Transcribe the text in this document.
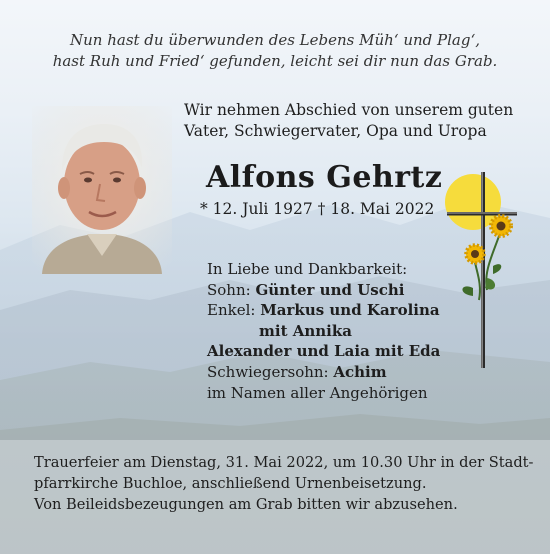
Nun hast du überwunden des Lebens Müh‘ und Plag‘,
hast Ruh und Fried‘ gefunden, leicht sei dir nun das Grab.

Wir nehmen Abschied von unserem guten
Vater, Schwiegervater, Opa und Uropa

Alfons Gehrtz

* 12. Juli 1927 † 18. Mai 2022

In Liebe und Dankbarkeit:
Sohn: Günter und Uschi
Enkel: Markus und Karolina
mit Annika
Alexander und Laia mit Eda
Schwiegersohn: Achim
im Namen aller Angehörigen

Trauerfeier am Dienstag, 31. Mai 2022, um 10.30 Uhr in der Stadt-
pfarrkirche Buchloe, anschließend Urnenbeisetzung.

Von Beileidsbezeugungen am Grab bitten wir abzusehen.
